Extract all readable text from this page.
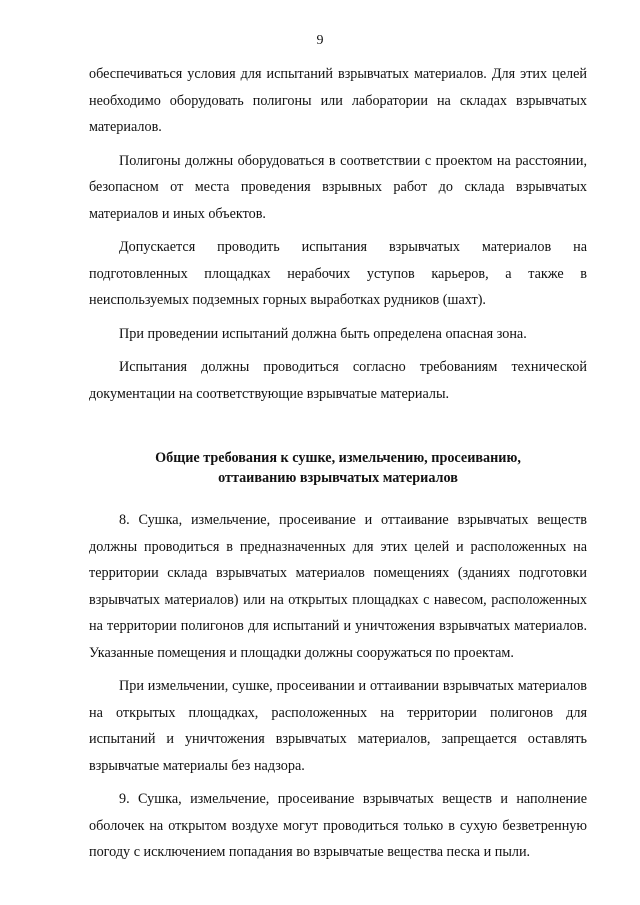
9

обеспечиваться условия для испытаний взрывчатых материалов. Для этих целей необходимо оборудовать полигоны или лаборатории на складах взрывчатых материалов.

Полигоны должны оборудоваться в соответствии с проектом на расстоянии, безопасном от места проведения взрывных работ до склада взрывчатых материалов и иных объектов.

Допускается проводить испытания взрывчатых материалов на подготовленных площадках нерабочих уступов карьеров, а также в неиспользуемых подземных горных выработках рудников (шахт).

При проведении испытаний должна быть определена опасная зона.

Испытания должны проводиться согласно требованиям технической документации на соответствующие взрывчатые материалы.

Общие требования к сушке, измельчению, просеиванию,
оттаиванию взрывчатых материалов

8. Сушка, измельчение, просеивание и оттаивание взрывчатых веществ должны проводиться в предназначенных для этих целей и расположенных на территории склада взрывчатых материалов помещениях (зданиях подготовки взрывчатых материалов) или на открытых площадках с навесом, расположенных на территории полигонов для испытаний и уничтожения взрывчатых материалов. Указанные помещения и площадки должны сооружаться по проектам.

При измельчении, сушке, просеивании и оттаивании взрывчатых материалов на открытых площадках, расположенных на территории полигонов для испытаний и уничтожения взрывчатых материалов, запрещается оставлять взрывчатые материалы без надзора.

9. Сушка, измельчение, просеивание взрывчатых веществ и наполнение оболочек на открытом воздухе могут проводиться только в сухую безветренную погоду с исключением попадания во взрывчатые вещества песка и пыли.
